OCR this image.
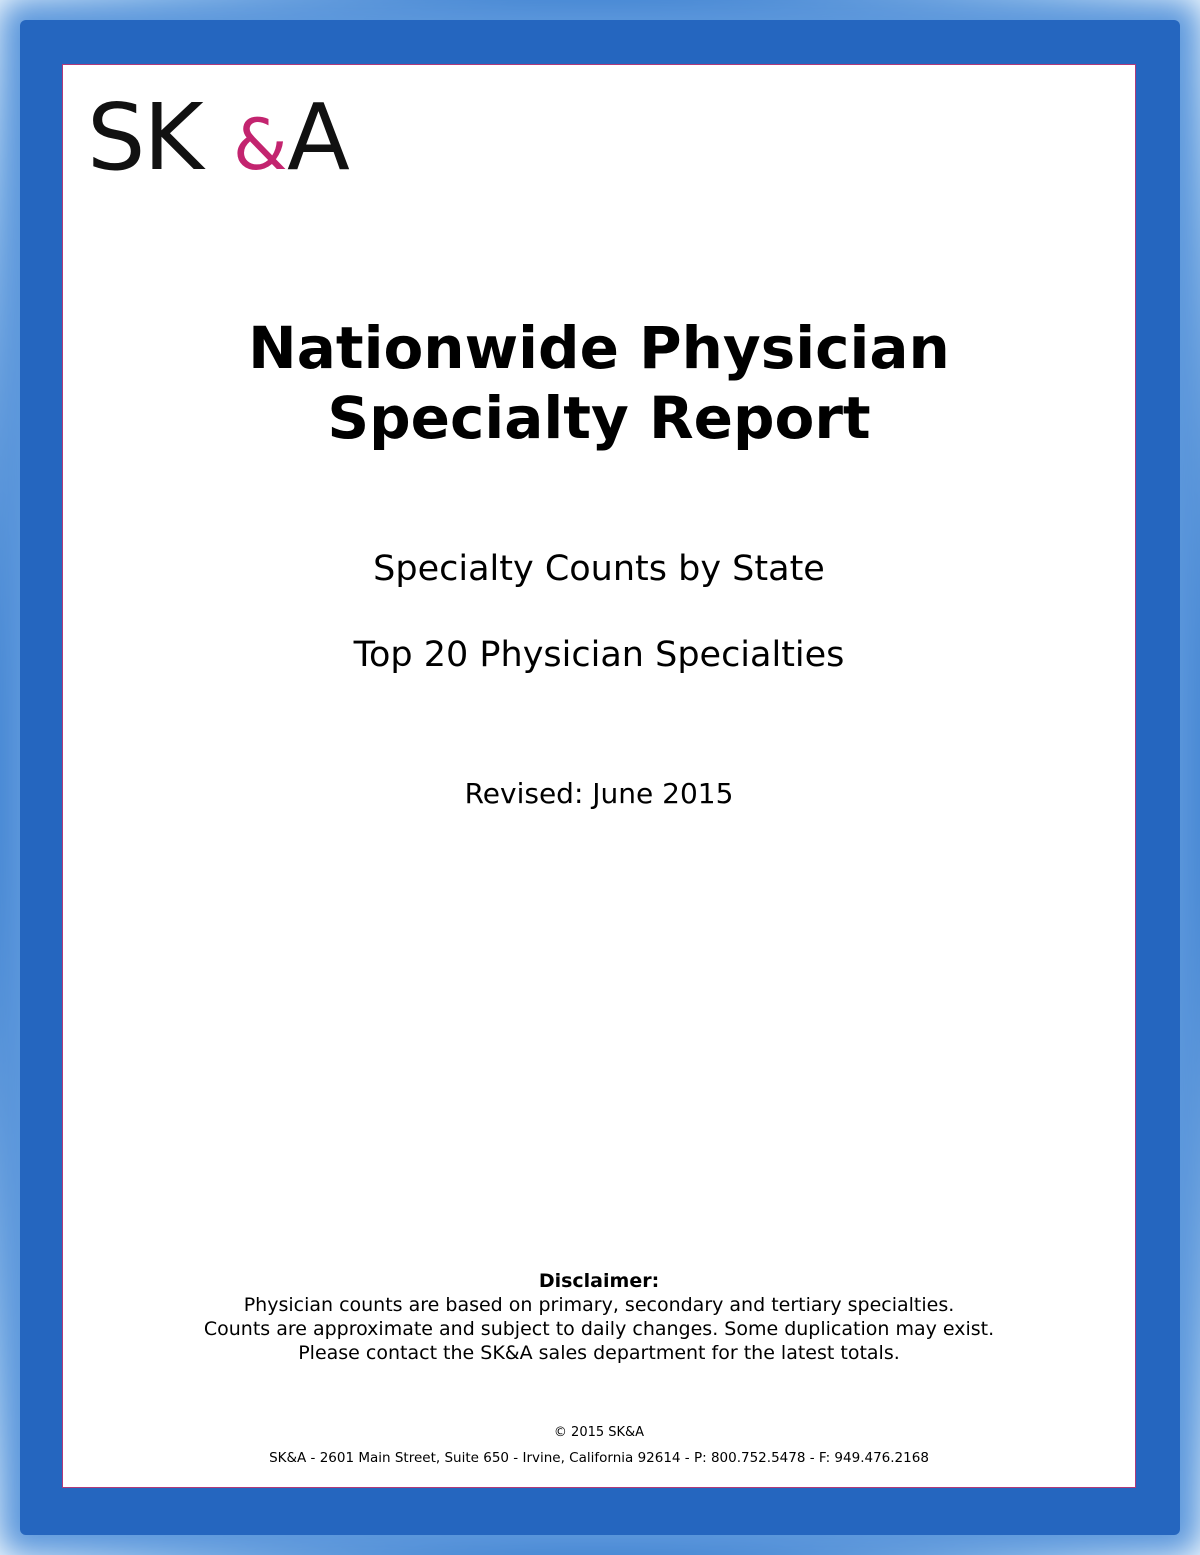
SK & A
Nationwide Physician
Specialty Report
Specialty Counts by State
Top 20 Physician Specialties
Revised: June 2015
Disclaimer:
Physician counts are based on primary, secondary and tertiary specialties.
Counts are approximate and subject to daily changes. Some duplication may exist.
Please contact the SK&A sales department for the latest totals.
© 2015 SK&A
SK&A - 2601 Main Street, Suite 650 - Irvine, California 92614 - P: 800.752.5478 - F: 949.476.2168
